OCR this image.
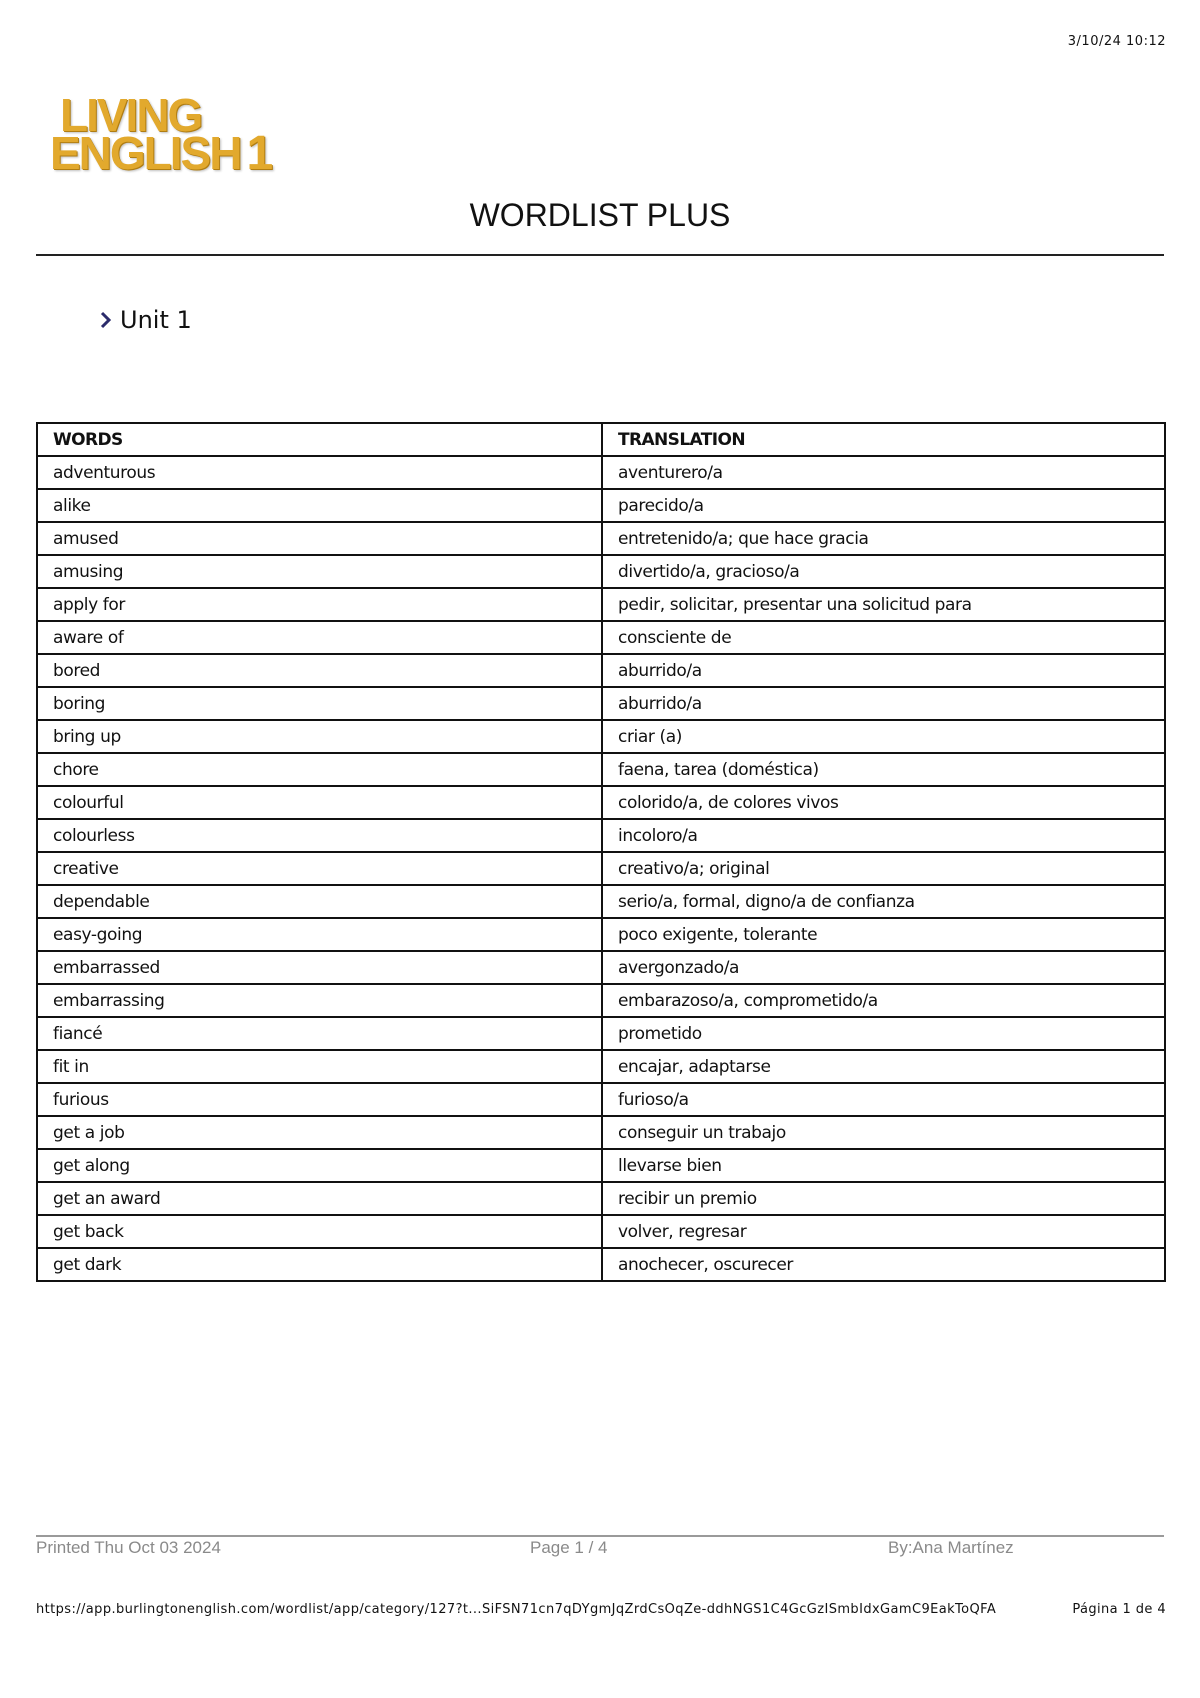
3/10/24 10:12
LIVING
ENGLISH 1
WORDLIST PLUS
Unit 1
WORDS	TRANSLATION
adventurous	aventurero/a
alike	parecido/a
amused	entretenido/a; que hace gracia
amusing	divertido/a, gracioso/a
apply for	pedir, solicitar, presentar una solicitud para
aware of	consciente de
bored	aburrido/a
boring	aburrido/a
bring up	criar (a)
chore	faena, tarea (doméstica)
colourful	colorido/a, de colores vivos
colourless	incoloro/a
creative	creativo/a; original
dependable	serio/a, formal, digno/a de confianza
easy-going	poco exigente, tolerante
embarrassed	avergonzado/a
embarrassing	embarazoso/a, comprometido/a
fiancé	prometido
fit in	encajar, adaptarse
furious	furioso/a
get a job	conseguir un trabajo
get along	llevarse bien
get an award	recibir un premio
get back	volver, regresar
get dark	anochecer, oscurecer
Printed Thu Oct 03 2024	Page 1 / 4	By:Ana Martínez
https://app.burlingtonenglish.com/wordlist/app/category/127?t...SiFSN71cn7qDYgmJqZrdCsOqZe-ddhNGS1C4GcGzISmbIdxGamC9EakToQFA	Página 1 de 4
